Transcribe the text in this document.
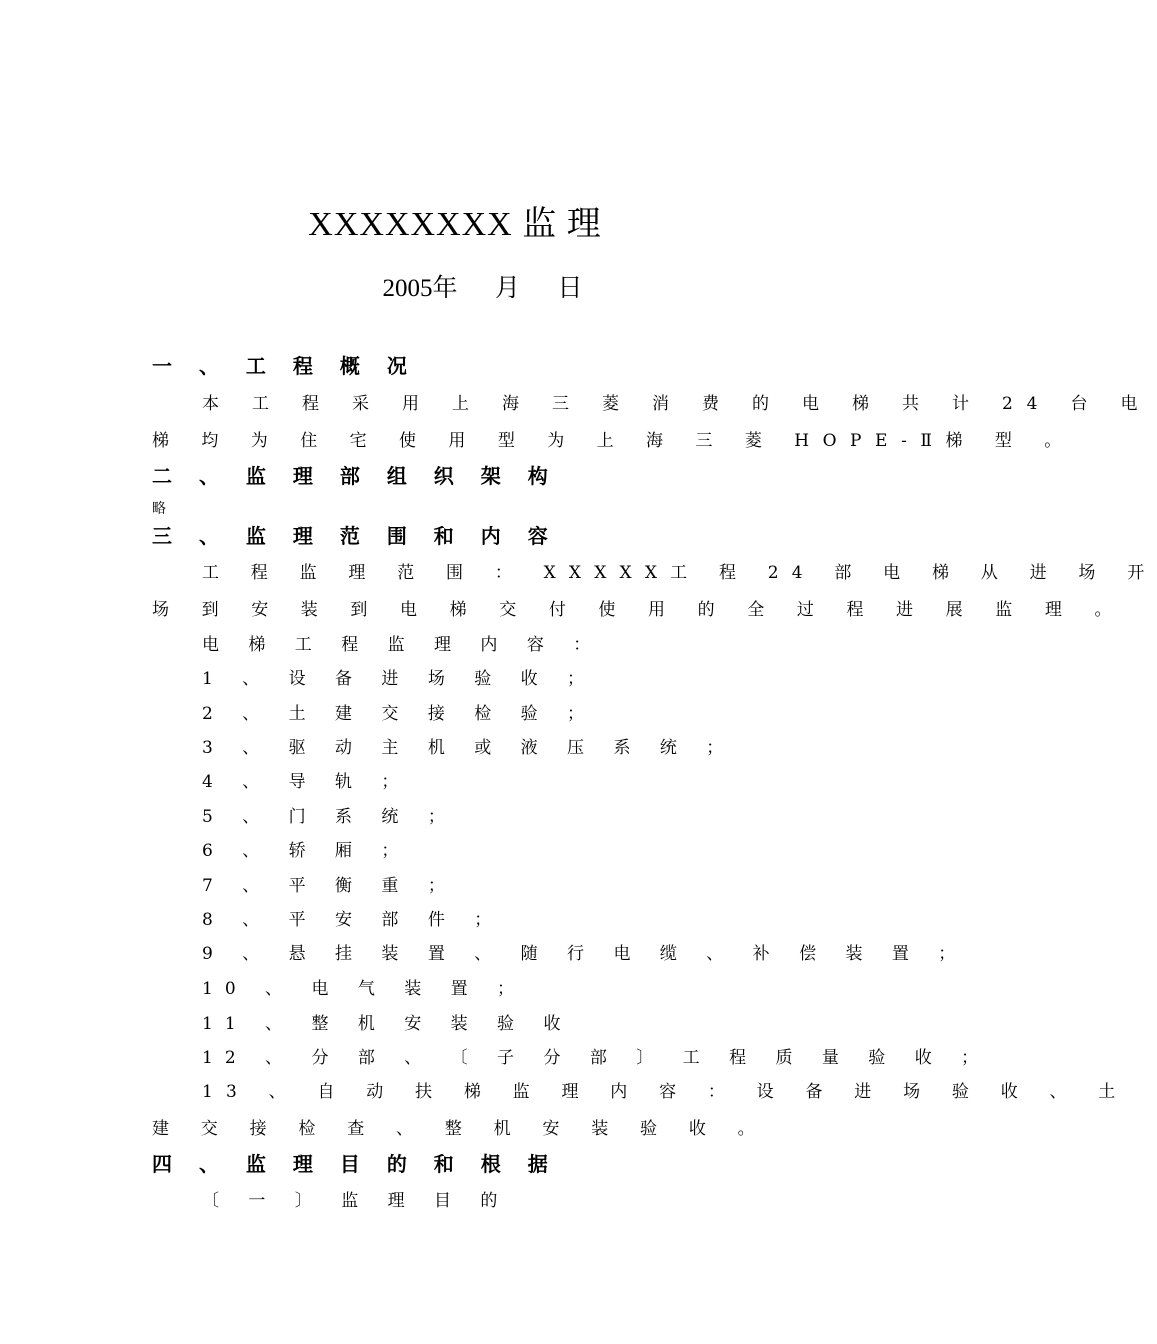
XXXXXXXX 监 理
2005年      月      日
一 、 工 程 概 况
本 工 程 采 用 上 海 三 菱 消 费 的 电 梯 共 计 24 台 电
梯 均 为 住 宅 使 用 型 为 上 海 三 菱 HOPE-Ⅱ梯 型 。
二 、 监 理 部 组 织 架 构
略
三 、 监 理 范 围 和 内 容
工 程 监 理 范 围 ： XXXXX工 程 24 部 电 梯 从 进 场 开
场 到 安 装 到 电 梯 交 付 使 用 的 全 过 程 进 展 监 理 。
电 梯 工 程 监 理 内 容 ：
1 、 设 备 进 场 验 收 ；
2 、 土 建 交 接 检 验 ；
3 、 驱 动 主 机 或 液 压 系 统 ；
4 、 导 轨 ；
5 、 门 系 统 ；
6 、 轿 厢 ；
7 、 平 衡 重 ；
8 、 平 安 部 件 ；
9 、 悬 挂 装 置 、 随 行 电 缆 、 补 偿 装 置 ；
10 、 电 气 装 置 ；
11 、 整 机 安 装 验 收
12 、 分 部 、 〔 子 分 部 〕 工 程 质 量 验 收 ；
13 、 自 动 扶 梯 监 理 内 容 ： 设 备 进 场 验 收 、 土
建 交 接 检 查 、 整 机 安 装 验 收 。
四 、 监 理 目 的 和 根 据
〔 一 〕 监 理 目 的
